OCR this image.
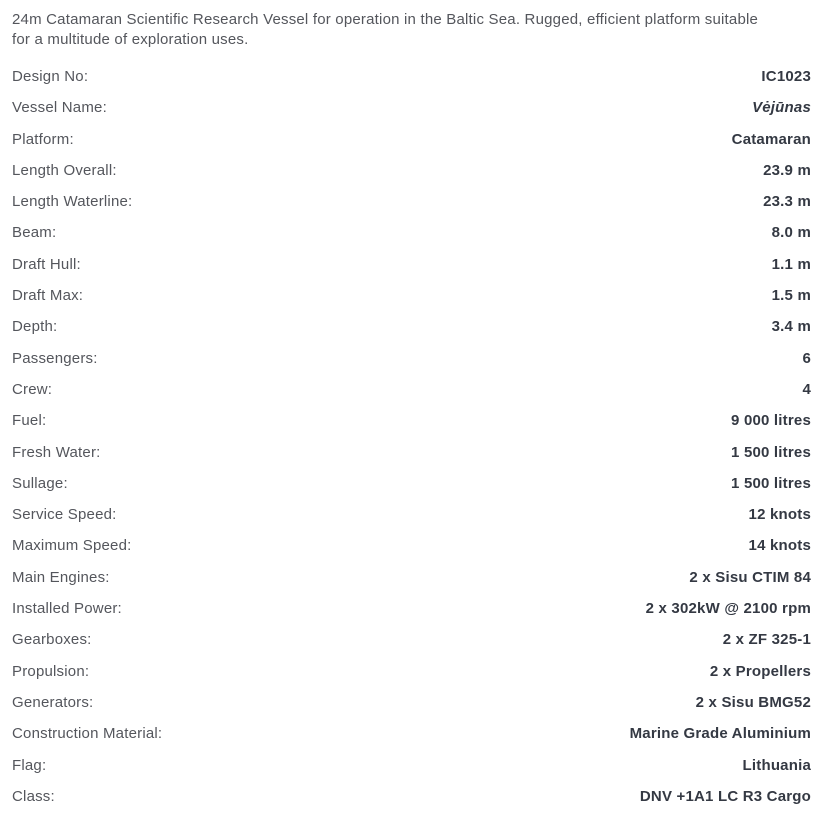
24m Catamaran Scientific Research Vessel for operation in the Baltic Sea. Rugged, efficient platform suitable
for a multitude of exploration uses.

Design No:	IC1023
Vessel Name:	Vėjūnas
Platform:	Catamaran
Length Overall:	23.9 m
Length Waterline:	23.3 m
Beam:	8.0 m
Draft Hull:	1.1 m
Draft Max:	1.5 m
Depth:	3.4 m
Passengers:	6
Crew:	4
Fuel:	9 000 litres
Fresh Water:	1 500 litres
Sullage:	1 500 litres
Service Speed:	12 knots
Maximum Speed:	14 knots
Main Engines:	2 x Sisu CTIM 84
Installed Power:	2 x 302kW @ 2100 rpm
Gearboxes:	2 x ZF 325-1
Propulsion:	2 x Propellers
Generators:	2 x Sisu BMG52
Construction Material:	Marine Grade Aluminium
Flag:	Lithuania
Class:	DNV +1A1 LC R3 Cargo
